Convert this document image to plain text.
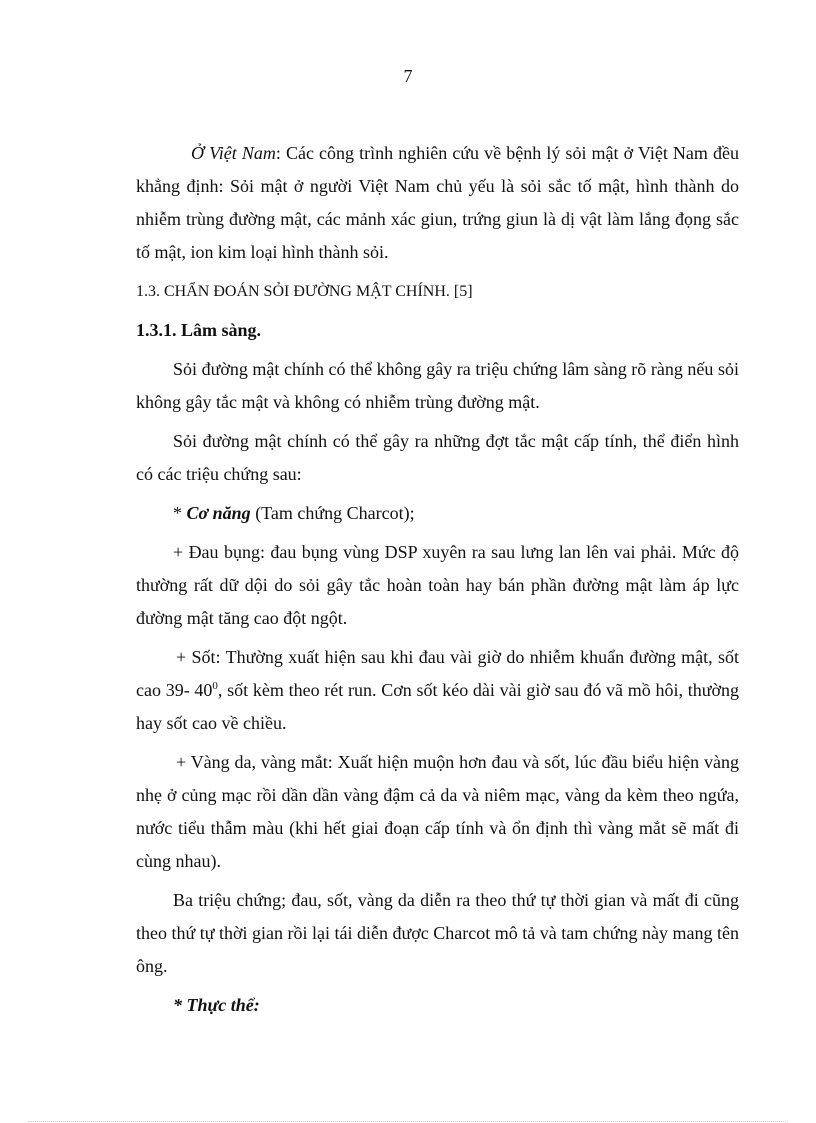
7

Ở Việt Nam: Các công trình nghiên cứu về bệnh lý sỏi mật ở Việt Nam đều khẳng định: Sỏi mật ở người Việt Nam chủ yếu là sỏi sắc tố mật, hình thành do nhiễm trùng đường mật, các mảnh xác giun, trứng giun là dị vật làm lắng đọng sắc tố mật, ion kim loại hình thành sỏi.

1.3. CHẨN ĐOÁN SỎI ĐƯỜNG MẬT CHÍNH. [5]
1.3.1. Lâm sàng.

Sỏi đường mật chính có thể không gây ra triệu chứng lâm sàng rõ ràng nếu sỏi không gây tắc mật và không có nhiễm trùng đường mật.

Sỏi đường mật chính có thể gây ra những đợt tắc mật cấp tính, thể điển hình có các triệu chứng sau:

* Cơ năng (Tam chứng Charcot);

+ Đau bụng: đau bụng vùng DSP xuyên ra sau lưng lan lên vai phải. Mức độ thường rất dữ dội do sỏi gây tắc hoàn toàn hay bán phần đường mật làm áp lực đường mật tăng cao đột ngột.

+ Sốt: Thường xuất hiện sau khi đau vài giờ do nhiễm khuẩn đường mật, sốt cao 39- $40^0$, sốt kèm theo rét run. Cơn sốt kéo dài vài giờ sau đó vã mồ hôi, thường hay sốt cao về chiều.

+ Vàng da, vàng mắt: Xuất hiện muộn hơn đau và sốt, lúc đầu biểu hiện vàng nhẹ ở củng mạc rồi dần dần vàng đậm cả da và niêm mạc, vàng da kèm theo ngứa, nước tiểu thẫm màu (khi hết giai đoạn cấp tính và ổn định thì vàng mắt sẽ mất đi cùng nhau).

Ba triệu chứng; đau, sốt, vàng da diễn ra theo thứ tự thời gian và mất đi cũng theo thứ tự thời gian rồi lại tái diễn được Charcot mô tả và tam chứng này mang tên ông.

* Thực thể:
